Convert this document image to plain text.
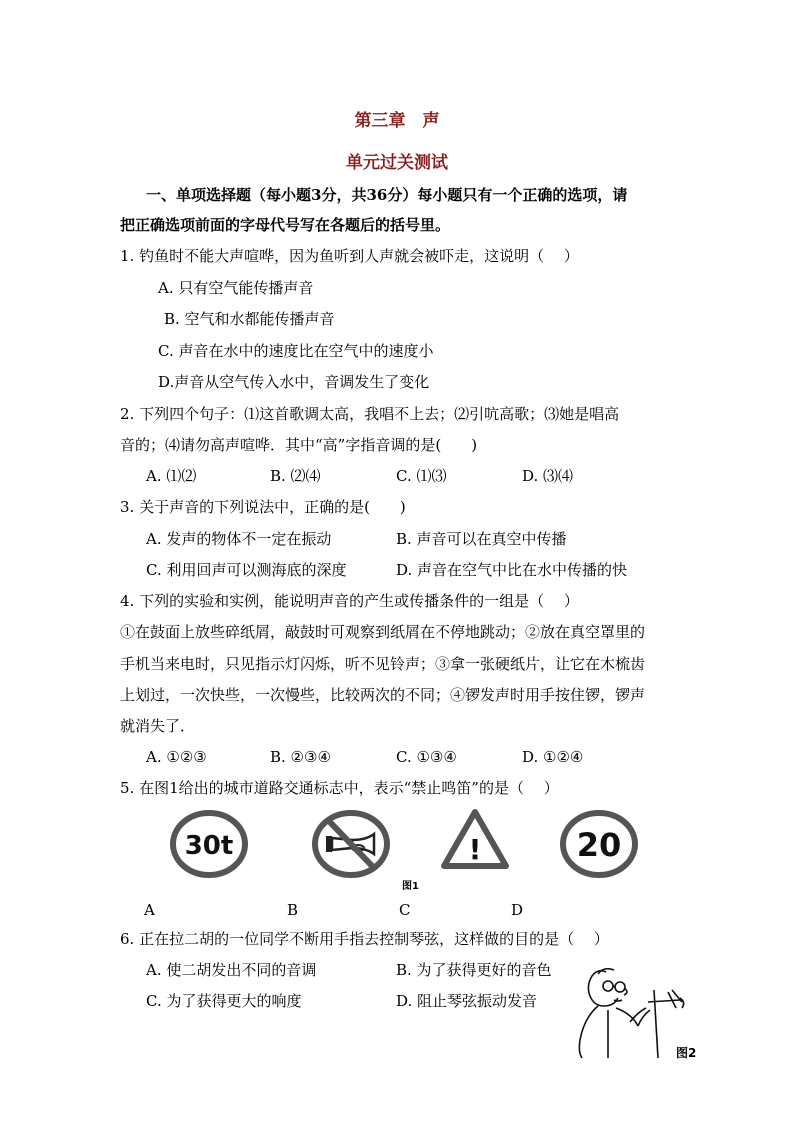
第三章　声
单元过关测试
一、单项选择题（每小题3分，共36分）每小题只有一个正确的选项，请
把正确选项前面的字母代号写在各题后的括号里。
1. 钓鱼时不能大声喧哗，因为鱼听到人声就会被吓走，这说明（　 ）
A. 只有空气能传播声音
B. 空气和水都能传播声音
C. 声音在水中的速度比在空气中的速度小
D.声音从空气传入水中，音调发生了变化
2. 下列四个句子：⑴这首歌调太高，我唱不上去；⑵引吭高歌；⑶她是唱高
音的；⑷请勿高声喧哗．其中“高”字指音调的是(　　)
A. ⑴⑵	B. ⑵⑷	C. ⑴⑶	D. ⑶⑷
3. 关于声音的下列说法中，正确的是(　　)
A. 发声的物体不一定在振动	B. 声音可以在真空中传播
C. 利用回声可以测海底的深度	D. 声音在空气中比在水中传播的快
4. 下列的实验和实例，能说明声音的产生或传播条件的一组是（　 ）
①在鼓面上放些碎纸屑，敲鼓时可观察到纸屑在不停地跳动；②放在真空罩里的
手机当来电时，只见指示灯闪烁，听不见铃声；③拿一张硬纸片，让它在木梳齿
上划过，一次快些，一次慢些，比较两次的不同；④锣发声时用手按住锣，锣声
就消失了．
A. ①②③	B. ②③④	C. ①③④	D. ①②④
5. 在图1给出的城市道路交通标志中，表示“禁止鸣笛”的是（　 ）
30t	!	20
图1
A	B	C	D
6. 正在拉二胡的一位同学不断用手指去控制琴弦，这样做的目的是（　 ）
A. 使二胡发出不同的音调	B. 为了获得更好的音色
C. 为了获得更大的响度	D. 阻止琴弦振动发音
图2
